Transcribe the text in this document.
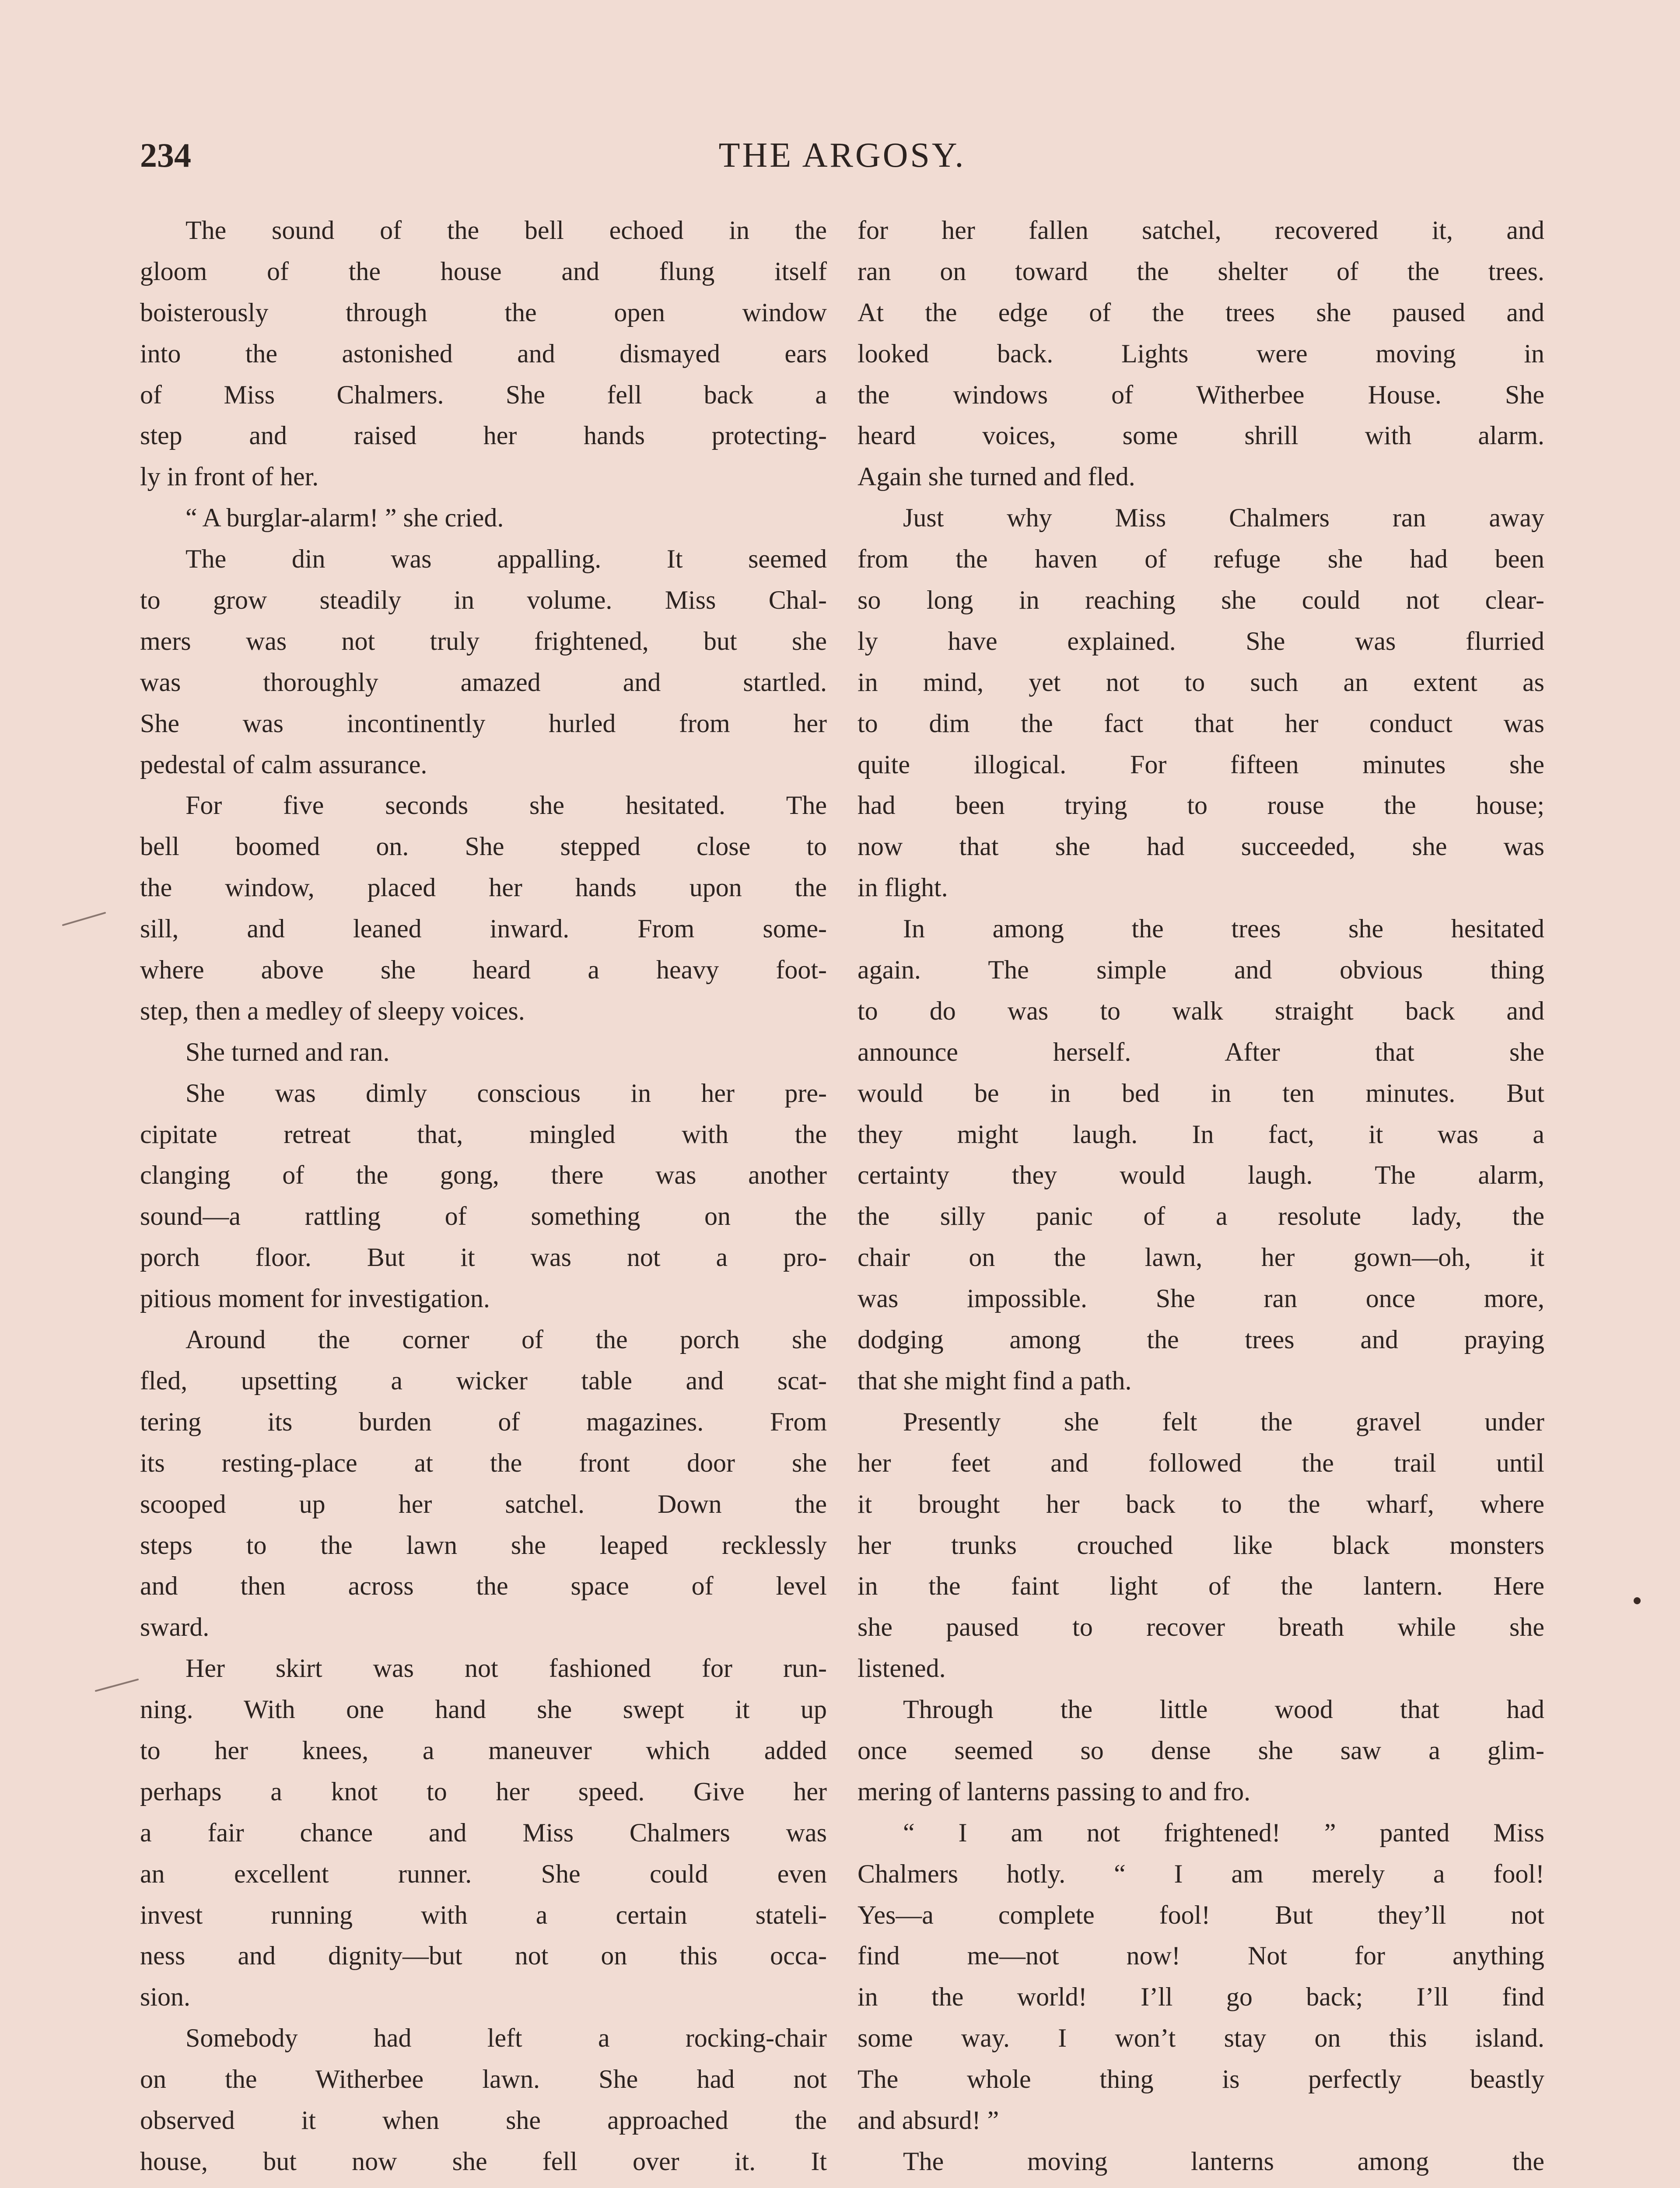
234	THE ARGOSY.
The sound of the bell echoed in the
gloom of the house and flung itself
boisterously through the open window
into the astonished and dismayed ears
of Miss Chalmers. She fell back a
step and raised her hands protecting-
ly in front of her.
“ A burglar-alarm! ” she cried.
The din was appalling. It seemed
to grow steadily in volume. Miss Chal-
mers was not truly frightened, but she
was thoroughly amazed and startled.
She was incontinently hurled from her
pedestal of calm assurance.
For five seconds she hesitated. The
bell boomed on. She stepped close to
the window, placed her hands upon the
sill, and leaned inward. From some-
where above she heard a heavy foot-
step, then a medley of sleepy voices.
She turned and ran.
She was dimly conscious in her pre-
cipitate retreat that, mingled with the
clanging of the gong, there was another
sound—a rattling of something on the
porch floor. But it was not a pro-
pitious moment for investigation.
Around the corner of the porch she
fled, upsetting a wicker table and scat-
tering its burden of magazines. From
its resting-place at the front door she
scooped up her satchel. Down the
steps to the lawn she leaped recklessly
and then across the space of level
sward.
Her skirt was not fashioned for run-
ning. With one hand she swept it up
to her knees, a maneuver which added
perhaps a knot to her speed. Give her
a fair chance and Miss Chalmers was
an excellent runner. She could even
invest running with a certain stateli-
ness and dignity—but not on this occa-
sion.
Somebody had left a rocking-chair
on the Witherbee lawn. She had not
observed it when she approached the
house, but now she fell over it. It
for her fallen satchel, recovered it, and
ran on toward the shelter of the trees.
At the edge of the trees she paused and
looked back. Lights were moving in
the windows of Witherbee House. She
heard voices, some shrill with alarm.
Again she turned and fled.
Just why Miss Chalmers ran away
from the haven of refuge she had been
so long in reaching she could not clear-
ly have explained. She was flurried
in mind, yet not to such an extent as
to dim the fact that her conduct was
quite illogical. For fifteen minutes she
had been trying to rouse the house;
now that she had succeeded, she was
in flight.
In among the trees she hesitated
again. The simple and obvious thing
to do was to walk straight back and
announce herself. After that she
would be in bed in ten minutes. But
they might laugh. In fact, it was a
certainty they would laugh. The alarm,
the silly panic of a resolute lady, the
chair on the lawn, her gown—oh, it
was impossible. She ran once more,
dodging among the trees and praying
that she might find a path.
Presently she felt the gravel under
her feet and followed the trail until
it brought her back to the wharf, where
her trunks crouched like black monsters
in the faint light of the lantern. Here
she paused to recover breath while she
listened.
Through the little wood that had
once seemed so dense she saw a glim-
mering of lanterns passing to and fro.
“ I am not frightened! ” panted Miss
Chalmers hotly. “ I am merely a fool!
Yes—a complete fool! But they’ll not
find me—not now! Not for anything
in the world! I’ll go back; I’ll find
some way. I won’t stay on this island.
The whole thing is perfectly beastly
and absurd! ”
The moving lanterns among the
